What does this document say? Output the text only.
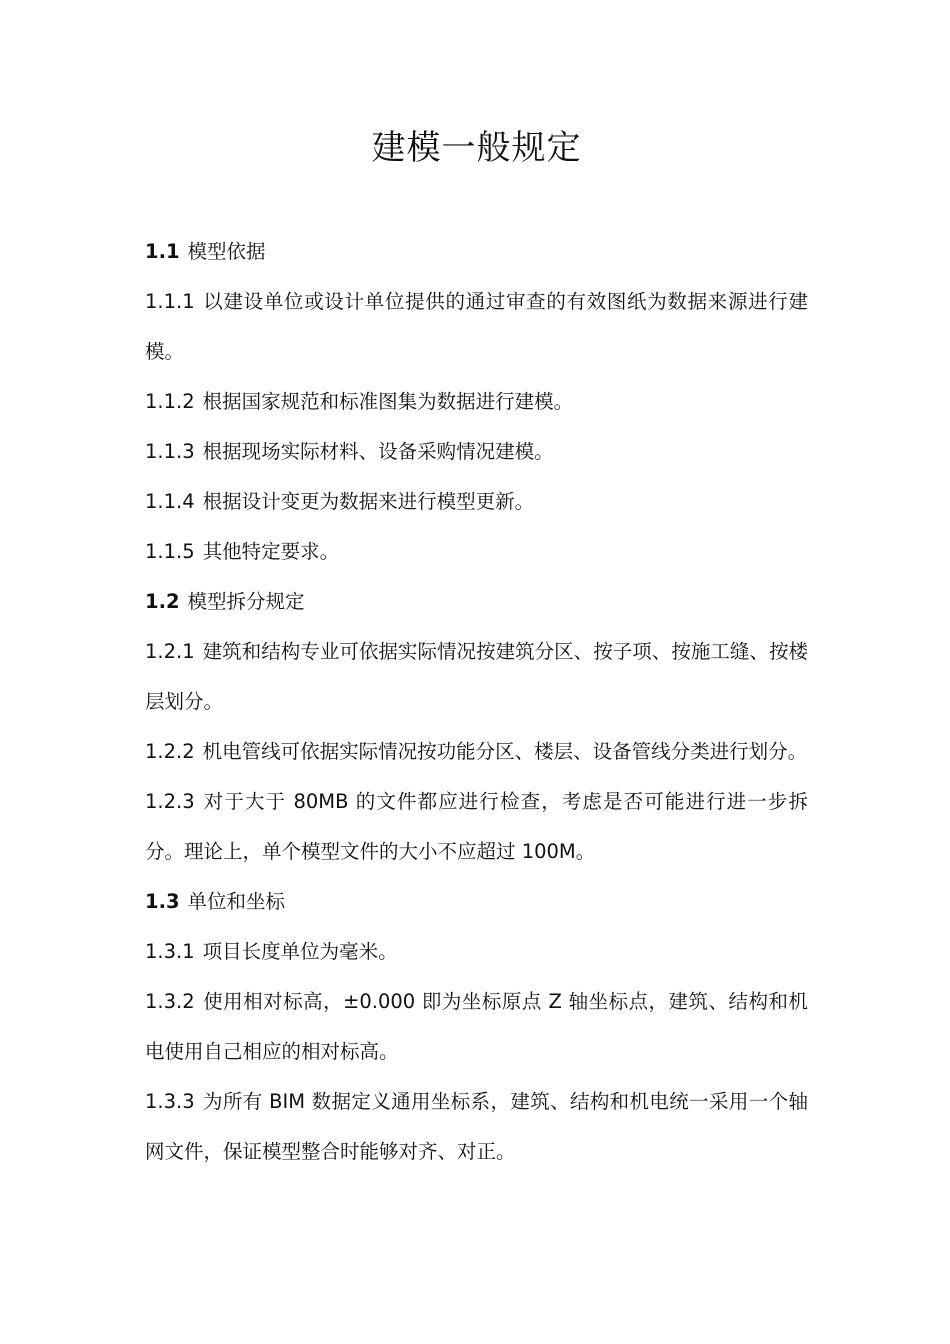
建模一般规定

1.1 模型依据

1.1.1 以建设单位或设计单位提供的通过审查的有效图纸为数据来源进行建模。

1.1.2 根据国家规范和标准图集为数据进行建模。

1.1.3 根据现场实际材料、设备采购情况建模。

1.1.4 根据设计变更为数据来进行模型更新。

1.1.5 其他特定要求。

1.2 模型拆分规定

1.2.1 建筑和结构专业可依据实际情况按建筑分区、按子项、按施工缝、按楼层划分。

1.2.2 机电管线可依据实际情况按功能分区、楼层、设备管线分类进行划分。

1.2.3 对于大于 80MB 的文件都应进行检查，考虑是否可能进行进一步拆分。理论上，单个模型文件的大小不应超过 100M。

1.3 单位和坐标

1.3.1 项目长度单位为毫米。

1.3.2 使用相对标高，±0.000 即为坐标原点 Z 轴坐标点，建筑、结构和机电使用自己相应的相对标高。

1.3.3 为所有 BIM 数据定义通用坐标系，建筑、结构和机电统一采用一个轴网文件，保证模型整合时能够对齐、对正。
